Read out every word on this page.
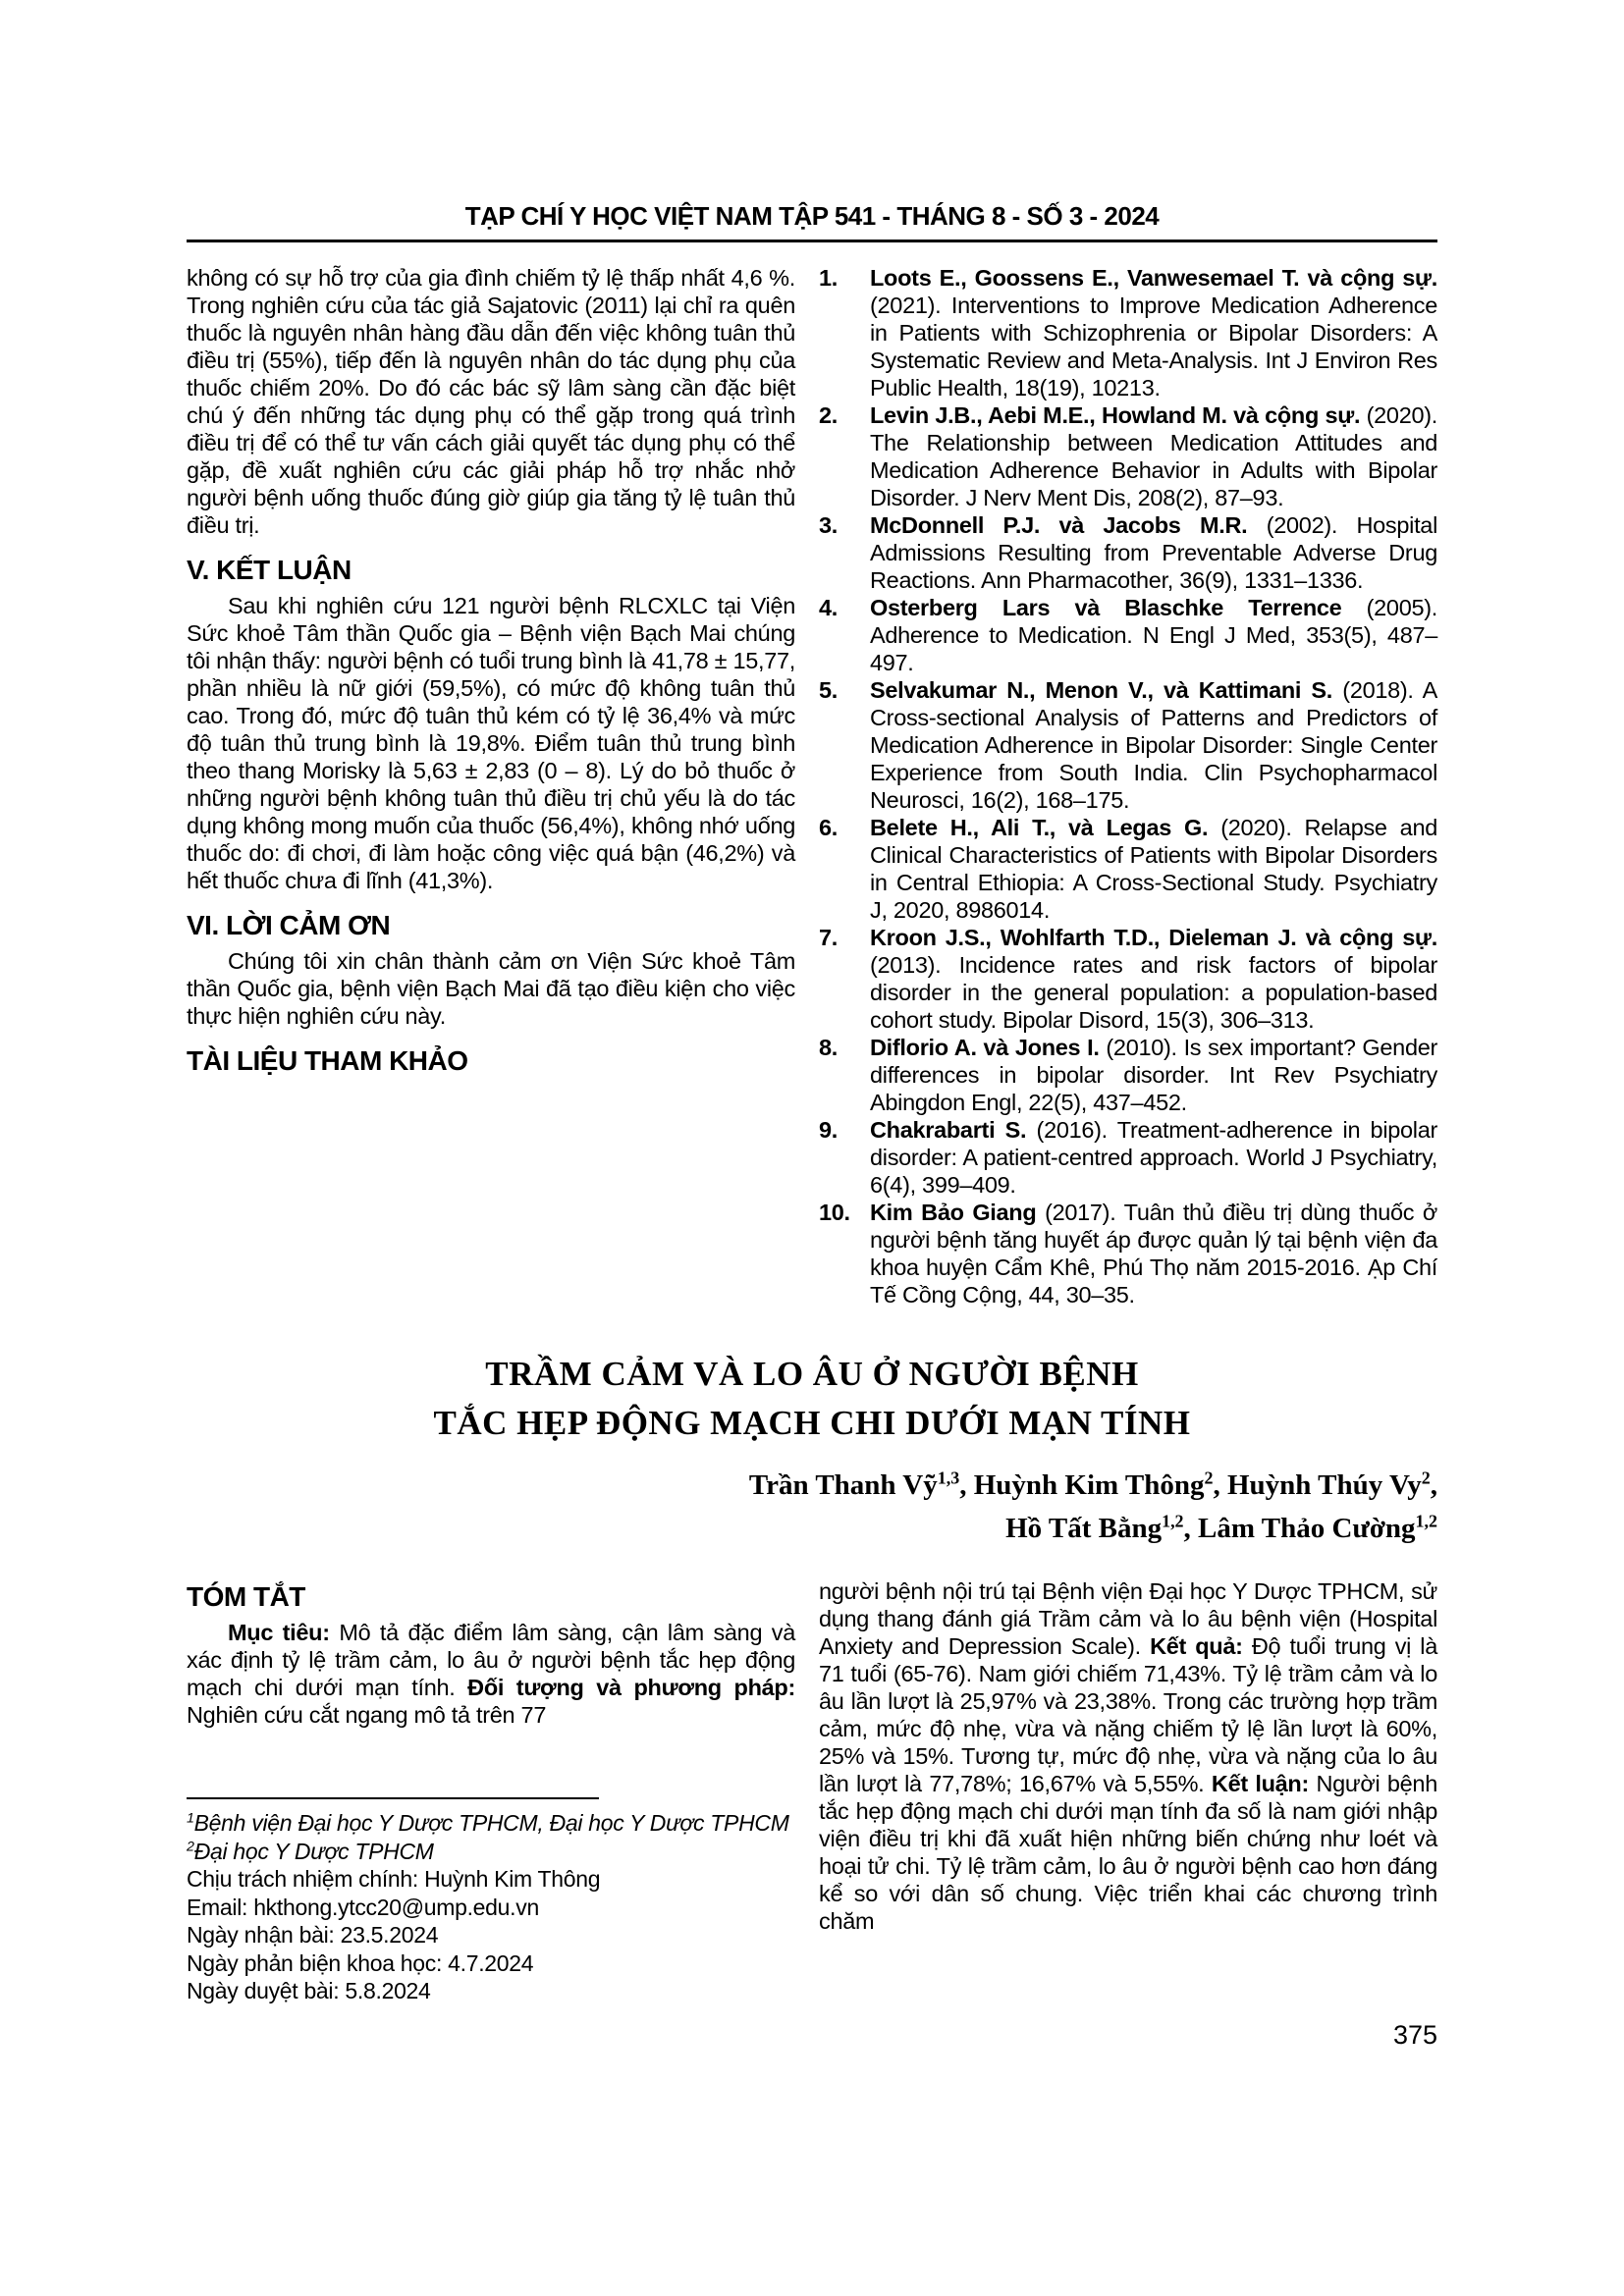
TẠP CHÍ Y HỌC VIỆT NAM TẬP 541 - THÁNG 8 - SỐ 3 - 2024

không có sự hỗ trợ của gia đình chiếm tỷ lệ thấp nhất 4,6 %. Trong nghiên cứu của tác giả Sajatovic (2011) lại chỉ ra quên thuốc là nguyên nhân hàng đầu dẫn đến việc không tuân thủ điều trị (55%), tiếp đến là nguyên nhân do tác dụng phụ của thuốc chiếm 20%. Do đó các bác sỹ lâm sàng cần đặc biệt chú ý đến những tác dụng phụ có thể gặp trong quá trình điều trị để có thể tư vấn cách giải quyết tác dụng phụ có thể gặp, đề xuất nghiên cứu các giải pháp hỗ trợ nhắc nhở người bệnh uống thuốc đúng giờ giúp gia tăng tỷ lệ tuân thủ điều trị.

V. KẾT LUẬN

Sau khi nghiên cứu 121 người bệnh RLCXLC tại Viện Sức khoẻ Tâm thần Quốc gia – Bệnh viện Bạch Mai chúng tôi nhận thấy: người bệnh có tuổi trung bình là 41,78 ± 15,77, phần nhiều là nữ giới (59,5%), có mức độ không tuân thủ cao. Trong đó, mức độ tuân thủ kém có tỷ lệ 36,4% và mức độ tuân thủ trung bình là 19,8%. Điểm tuân thủ trung bình theo thang Morisky là 5,63 ± 2,83 (0 – 8). Lý do bỏ thuốc ở những người bệnh không tuân thủ điều trị chủ yếu là do tác dụng không mong muốn của thuốc (56,4%), không nhớ uống thuốc do: đi chơi, đi làm hoặc công việc quá bận (46,2%) và hết thuốc chưa đi lĩnh (41,3%).

VI. LỜI CẢM ƠN

Chúng tôi xin chân thành cảm ơn Viện Sức khoẻ Tâm thần Quốc gia, bệnh viện Bạch Mai đã tạo điều kiện cho việc thực hiện nghiên cứu này.

TÀI LIỆU THAM KHẢO
1. Loots E., Goossens E., Vanwesemael T. và cộng sự. (2021). Interventions to Improve Medication Adherence in Patients with Schizophrenia or Bipolar Disorders: A Systematic Review and Meta-Analysis. Int J Environ Res Public Health, 18(19), 10213.
2. Levin J.B., Aebi M.E., Howland M. và cộng sự. (2020). The Relationship between Medication Attitudes and Medication Adherence Behavior in Adults with Bipolar Disorder. J Nerv Ment Dis, 208(2), 87–93.
3. McDonnell P.J. và Jacobs M.R. (2002). Hospital Admissions Resulting from Preventable Adverse Drug Reactions. Ann Pharmacother, 36(9), 1331–1336.
4. Osterberg Lars và Blaschke Terrence (2005). Adherence to Medication. N Engl J Med, 353(5), 487–497.
5. Selvakumar N., Menon V., và Kattimani S. (2018). A Cross-sectional Analysis of Patterns and Predictors of Medication Adherence in Bipolar Disorder: Single Center Experience from South India. Clin Psychopharmacol Neurosci, 16(2), 168–175.
6. Belete H., Ali T., và Legas G. (2020). Relapse and Clinical Characteristics of Patients with Bipolar Disorders in Central Ethiopia: A Cross-Sectional Study. Psychiatry J, 2020, 8986014.
7. Kroon J.S., Wohlfarth T.D., Dieleman J. và cộng sự. (2013). Incidence rates and risk factors of bipolar disorder in the general population: a population-based cohort study. Bipolar Disord, 15(3), 306–313.
8. Diflorio A. và Jones I. (2010). Is sex important? Gender differences in bipolar disorder. Int Rev Psychiatry Abingdon Engl, 22(5), 437–452.
9. Chakrabarti S. (2016). Treatment-adherence in bipolar disorder: A patient-centred approach. World J Psychiatry, 6(4), 399–409.
10. Kim Bảo Giang (2017). Tuân thủ điều trị dùng thuốc ở người bệnh tăng huyết áp được quản lý tại bệnh viện đa khoa huyện Cẩm Khê, Phú Thọ năm 2015-2016. Ạp Chí Tế Cồng Cộng, 44, 30–35.
TRẦM CẢM VÀ LO ÂU Ở NGƯỜI BỆNH
TẮC HẸP ĐỘNG MẠCH CHI DƯỚI MẠN TÍNH
Trần Thanh Vỹ$^{1,3}$, Huỳnh Kim Thông$^2$, Huỳnh Thúy Vy$^2$,
Hồ Tất Bằng$^{1,2}$, Lâm Thảo Cường$^{1,2}$
TÓM TẮT

Mục tiêu: Mô tả đặc điểm lâm sàng, cận lâm sàng và xác định tỷ lệ trầm cảm, lo âu ở người bệnh tắc hẹp động mạch chi dưới mạn tính. Đối tượng và phương pháp: Nghiên cứu cắt ngang mô tả trên 77

$^1$Bệnh viện Đại học Y Dược TPHCM, Đại học Y Dược TPHCM
$^2$Đại học Y Dược TPHCM
Chịu trách nhiệm chính: Huỳnh Kim Thông
Email: hkthong.ytcc20@ump.edu.vn
Ngày nhận bài: 23.5.2024
Ngày phản biện khoa học: 4.7.2024
Ngày duyệt bài: 5.8.2024

người bệnh nội trú tại Bệnh viện Đại học Y Dược TPHCM, sử dụng thang đánh giá Trầm cảm và lo âu bệnh viện (Hospital Anxiety and Depression Scale). Kết quả: Độ tuổi trung vị là 71 tuổi (65-76). Nam giới chiếm 71,43%. Tỷ lệ trầm cảm và lo âu lần lượt là 25,97% và 23,38%. Trong các trường hợp trầm cảm, mức độ nhẹ, vừa và nặng chiếm tỷ lệ lần lượt là 60%, 25% và 15%. Tương tự, mức độ nhẹ, vừa và nặng của lo âu lần lượt là 77,78%; 16,67% và 5,55%. Kết luận: Người bệnh tắc hẹp động mạch chi dưới mạn tính đa số là nam giới nhập viện điều trị khi đã xuất hiện những biến chứng như loét và hoại tử chi. Tỷ lệ trầm cảm, lo âu ở người bệnh cao hơn đáng kể so với dân số chung. Việc triển khai các chương trình chăm

375
